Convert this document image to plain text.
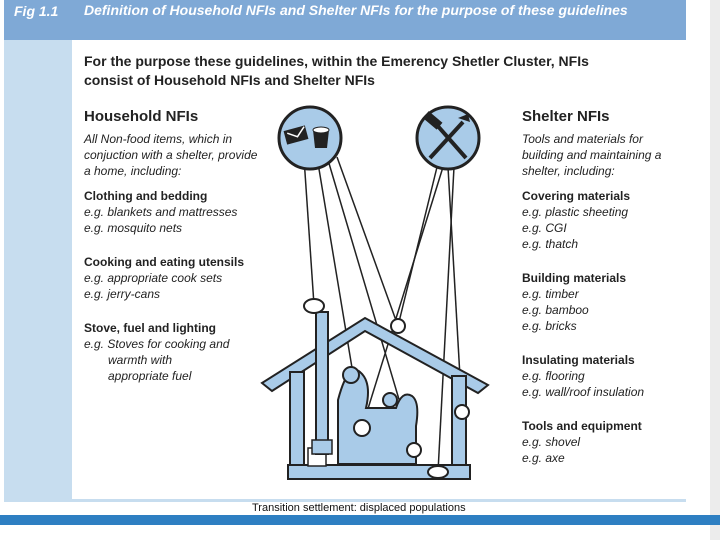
Fig 1.1 Definition of Household NFIs and Shelter NFIs for the purpose of these guidelines
For the purpose these guidelines, within the Emerency Shetler Cluster, NFIs consist of Household NFIs and Shelter NFIs
Household NFIs
All Non-food items, which in conjuction with a shelter, provide a home, including:
Clothing and bedding
e.g. blankets and mattresses
e.g. mosquito nets
Cooking and eating utensils
e.g. appropriate cook sets
e.g. jerry-cans
Stove, fuel and lighting
e.g. Stoves for cooking and
warmth with
appropriate fuel
Shelter NFIs
Tools and materials for building and maintaining a shelter, including:
Covering materials
e.g. plastic sheeting
e.g. CGI
e.g. thatch
Building materials
e.g. timber
e.g. bamboo
e.g. bricks
Insulating materials
e.g. flooring
e.g. wall/roof insulation
Tools and equipment
e.g. shovel
e.g. axe
Transition settlement: displaced populations
